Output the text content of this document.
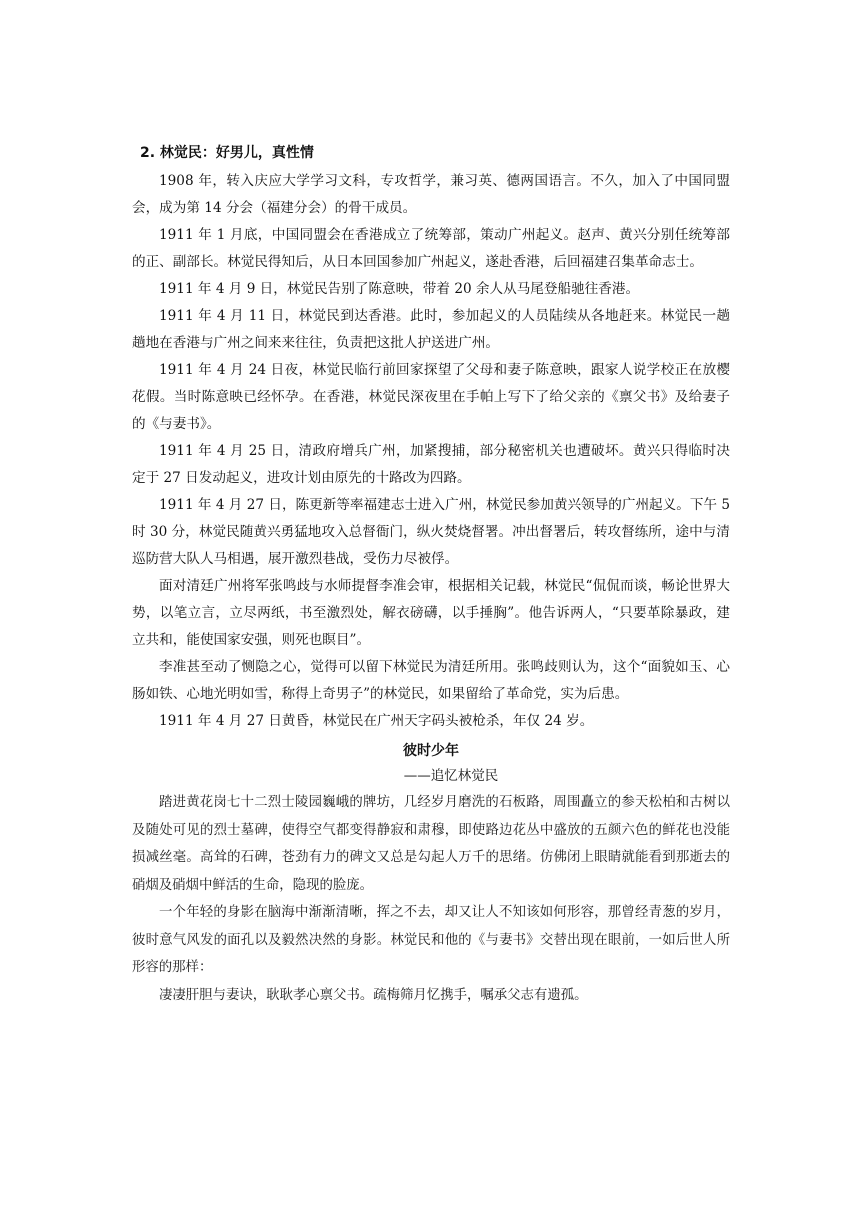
2. 林觉民：好男儿，真性情

1908 年，转入庆应大学学习文科，专攻哲学，兼习英、德两国语言。不久，加入了中国同盟会，成为第 14 分会（福建分会）的骨干成员。

1911 年 1 月底，中国同盟会在香港成立了统筹部，策动广州起义。赵声、黄兴分别任统筹部的正、副部长。林觉民得知后，从日本回国参加广州起义，遂赴香港，后回福建召集革命志士。

1911 年 4 月 9 日，林觉民告别了陈意映，带着 20 余人从马尾登船驰往香港。

1911 年 4 月 11 日，林觉民到达香港。此时，参加起义的人员陆续从各地赶来。林觉民一趟趟地在香港与广州之间来来往往，负责把这批人护送进广州。

1911 年 4 月 24 日夜，林觉民临行前回家探望了父母和妻子陈意映，跟家人说学校正在放樱花假。当时陈意映已经怀孕。在香港，林觉民深夜里在手帕上写下了给父亲的《禀父书》及给妻子的《与妻书》。

1911 年 4 月 25 日，清政府增兵广州，加紧搜捕，部分秘密机关也遭破坏。黄兴只得临时决定于 27 日发动起义，进攻计划由原先的十路改为四路。

1911 年 4 月 27 日，陈更新等率福建志士进入广州，林觉民参加黄兴领导的广州起义。下午 5 时 30 分，林觉民随黄兴勇猛地攻入总督衙门，纵火焚烧督署。冲出督署后，转攻督练所，途中与清巡防营大队人马相遇，展开激烈巷战，受伤力尽被俘。

面对清廷广州将军张鸣歧与水师提督李准会审，根据相关记载，林觉民“侃侃而谈，畅论世界大势，以笔立言，立尽两纸，书至激烈处，解衣磅礴，以手捶胸”。他告诉两人，“只要革除暴政，建立共和，能使国家安强，则死也瞑目”。

李准甚至动了恻隐之心，觉得可以留下林觉民为清廷所用。张鸣歧则认为，这个“面貌如玉、心肠如铁、心地光明如雪，称得上奇男子”的林觉民，如果留给了革命党，实为后患。

1911 年 4 月 27 日黄昏，林觉民在广州天字码头被枪杀，年仅 24 岁。

彼时少年
——追忆林觉民

踏进黄花岗七十二烈士陵园巍峨的牌坊，几经岁月磨洗的石板路，周围矗立的参天松柏和古树以及随处可见的烈士墓碑，使得空气都变得静寂和肃穆，即使路边花丛中盛放的五颜六色的鲜花也没能损减丝毫。高耸的石碑，苍劲有力的碑文又总是勾起人万千的思绪。仿佛闭上眼睛就能看到那逝去的硝烟及硝烟中鲜活的生命，隐现的脸庞。

一个年轻的身影在脑海中渐渐清晰，挥之不去，却又让人不知该如何形容，那曾经青葱的岁月，彼时意气风发的面孔以及毅然决然的身影。林觉民和他的《与妻书》交替出现在眼前，一如后世人所形容的那样：

凄凄肝胆与妻诀，耿耿孝心禀父书。疏梅筛月忆携手，嘱承父志有遗孤。
